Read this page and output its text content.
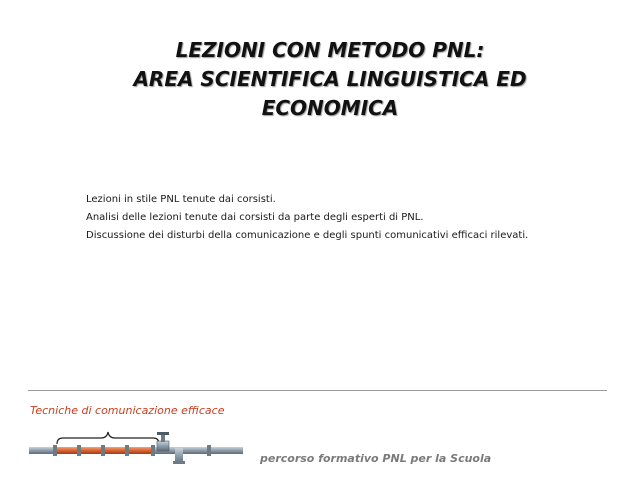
LEZIONI CON METODO PNL:
AREA SCIENTIFICA LINGUISTICA ED
ECONOMICA

Lezioni in stile PNL tenute dai corsisti.

Analisi delle lezioni tenute dai corsisti da parte degli esperti di PNL.

Discussione dei disturbi della comunicazione e degli spunti comunicativi efficaci rilevati.

Tecniche di comunicazione efficace
percorso formativo PNL per la Scuola
